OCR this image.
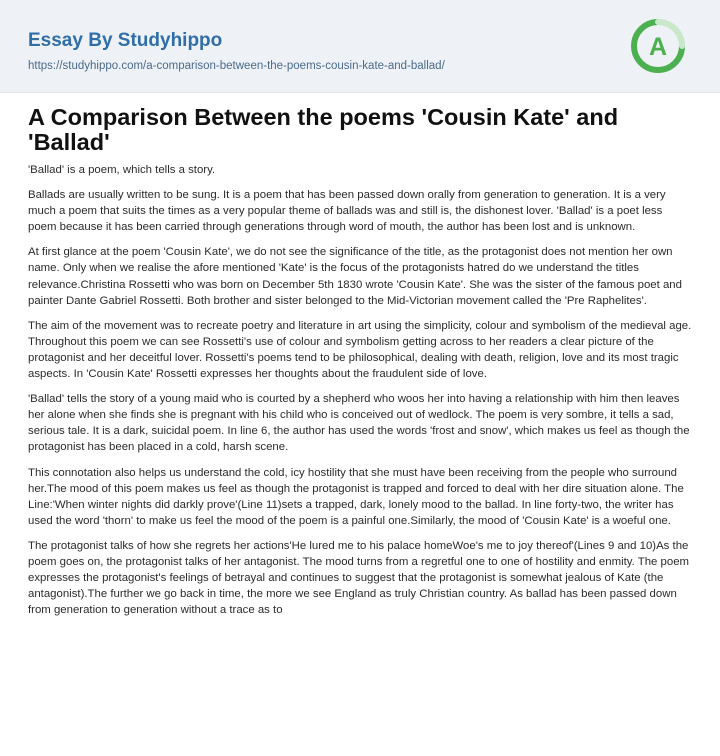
Essay By Studyhippo
https://studyhippo.com/a-comparison-between-the-poems-cousin-kate-and-ballad/
A
A Comparison Between the poems 'Cousin Kate' and 'Ballad'

'Ballad' is a poem, which tells a story.

Ballads are usually written to be sung. It is a poem that has been passed down orally from generation to generation. It is a very much a poem that suits the times as a very popular theme of ballads was and still is, the dishonest lover. 'Ballad' is a poet less poem because it has been carried through generations through word of mouth, the author has been lost and is unknown.

At first glance at the poem 'Cousin Kate', we do not see the significance of the title, as the protagonist does not mention her own name. Only when we realise the afore mentioned 'Kate' is the focus of the protagonists hatred do we understand the titles relevance.Christina Rossetti who was born on December 5th 1830 wrote 'Cousin Kate'. She was the sister of the famous poet and painter Dante Gabriel Rossetti. Both brother and sister belonged to the Mid-Victorian movement called the 'Pre Raphelites'.

The aim of the movement was to recreate poetry and literature in art using the simplicity, colour and symbolism of the medieval age. Throughout this poem we can see Rossetti's use of colour and symbolism getting across to her readers a clear picture of the protagonist and her deceitful lover. Rossetti's poems tend to be philosophical, dealing with death, religion, love and its most tragic aspects. In 'Cousin Kate' Rossetti expresses her thoughts about the fraudulent side of love.

'Ballad' tells the story of a young maid who is courted by a shepherd who woos her into having a relationship with him then leaves her alone when she finds she is pregnant with his child who is conceived out of wedlock. The poem is very sombre, it tells a sad, serious tale. It is a dark, suicidal poem. In line 6, the author has used the words 'frost and snow', which makes us feel as though the protagonist has been placed in a cold, harsh scene.

This connotation also helps us understand the cold, icy hostility that she must have been receiving from the people who surround her.The mood of this poem makes us feel as though the protagonist is trapped and forced to deal with her dire situation alone. The Line:'When winter nights did darkly prove'(Line 11)sets a trapped, dark, lonely mood to the ballad. In line forty-two, the writer has used the word 'thorn' to make us feel the mood of the poem is a painful one.Similarly, the mood of 'Cousin Kate' is a woeful one.

The protagonist talks of how she regrets her actions'He lured me to his palace homeWoe's me to joy thereof'(Lines 9 and 10)As the poem goes on, the protagonist talks of her antagonist. The mood turns from a regretful one to one of hostility and enmity. The poem expresses the protagonist's feelings of betrayal and continues to suggest that the protagonist is somewhat jealous of Kate (the antagonist).The further we go back in time, the more we see England as truly Christian country. As ballad has been passed down from generation to generation without a trace as to
